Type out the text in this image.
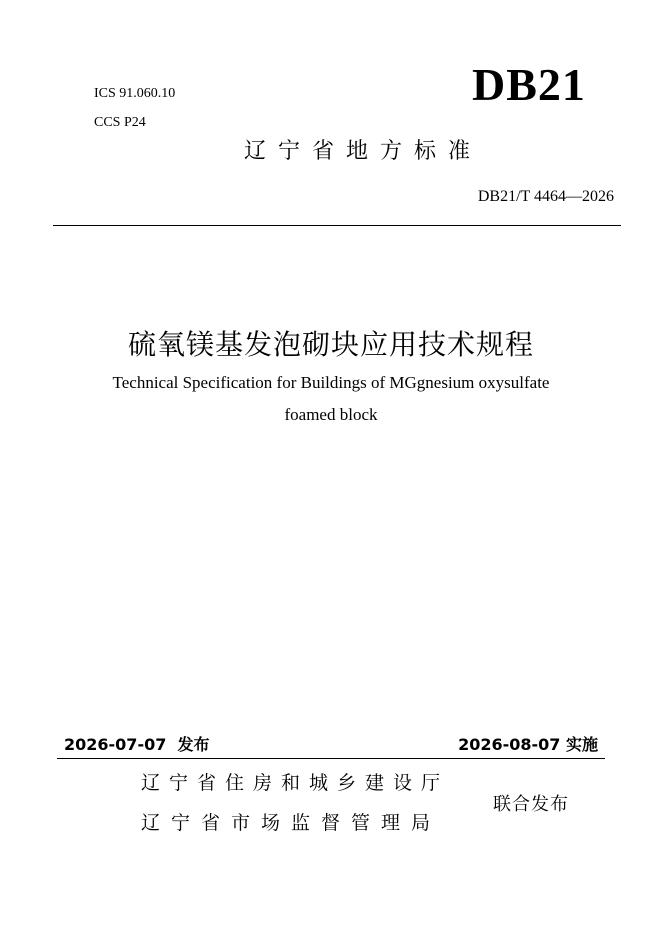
ICS 91.060.10
CCS P24
DB21
辽宁省地方标准
DB21/T 4464—2026
硫氧镁基发泡砌块应用技术规程
Technical Specification for Buildings of MGgnesium oxysulfate
foamed block
2026-07-07  发布	2026-08-07 实施
辽宁省住房和城乡建设厅
辽宁省市场监督管理局
联合发布
